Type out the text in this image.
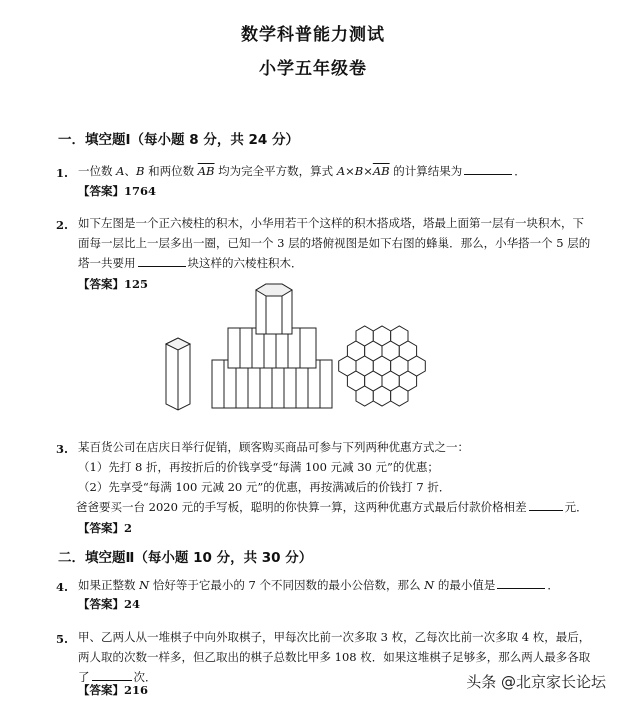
数学科普能力测试
小学五年级卷
一．填空题Ⅰ（每小题 8 分，共 24 分）
1. 一位数 A、B 和两位数 $\overline{AB}$ 均为完全平方数，算式 $A\times B\times\overline{AB}$ 的计算结果为	．
【答案】1764
2. 如下左图是一个正六棱柱的积木，小华用若干个这样的积木搭成塔，塔最上面第一层有一块积木，下
面每一层比上一层多出一圈，已知一个 3 层的塔俯视图是如下右图的蜂巢．那么，小华搭一个 5 层的
塔一共要用	块这样的六棱柱积木．
【答案】125
3. 某百货公司在店庆日举行促销，顾客购买商品可参与下列两种优惠方式之一：
（1）先打 8 折，再按折后的价钱享受“每满 100 元减 30 元”的优惠；
（2）先享受“每满 100 元减 20 元”的优惠，再按满减后的价钱打 7 折．
爸爸要买一台 2020 元的手写板，聪明的你快算一算，这两种优惠方式最后付款价格相差	元．
【答案】2
二．填空题Ⅱ（每小题 10 分，共 30 分）
4. 如果正整数 N 恰好等于它最小的 7 个不同因数的最小公倍数，那么 N 的最小值是	．
【答案】24
5. 甲、乙两人从一堆棋子中向外取棋子，甲每次比前一次多取 3 枚，乙每次比前一次多取 4 枚，最后，
两人取的次数一样多，但乙取出的棋子总数比甲多 108 枚．如果这堆棋子足够多，那么两人最多各取
了	次．
【答案】216	头条 @北京家长论坛
